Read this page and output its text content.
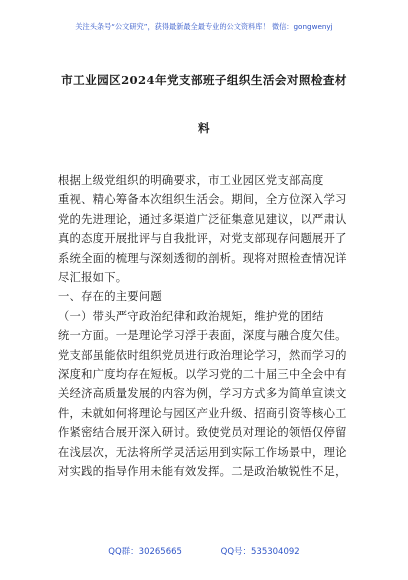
关注头条号“公文研究”，获得最新最全最专业的公文资料库！ 微信：gongwenyj
市工业园区2024年党支部班子组织生活会对照检查材
料
根据上级党组织的明确要求，市工业园区党支部高度
重视、精心筹备本次组织生活会。期间，全方位深入学习
党的先进理论，通过多渠道广泛征集意见建议，以严肃认
真的态度开展批评与自我批评，对党支部现存问题展开了
系统全面的梳理与深刻透彻的剖析。现将对照检查情况详
尽汇报如下。
一、存在的主要问题
（一）带头严守政治纪律和政治规矩，维护党的团结
统一方面。一是理论学习浮于表面，深度与融合度欠佳。
党支部虽能依时组织党员进行政治理论学习，然而学习的
深度和广度均存在短板。以学习党的二十届三中全会中有
关经济高质量发展的内容为例，学习方式多为简单宣读文
件，未就如何将理论与园区产业升级、招商引资等核心工
作紧密结合展开深入研讨。致使党员对理论的领悟仅停留
在浅层次，无法将所学灵活运用到实际工作场景中，理论
对实践的指导作用未能有效发挥。二是政治敏锐性不足，
QQ群：30265665	QQ号：535304092
